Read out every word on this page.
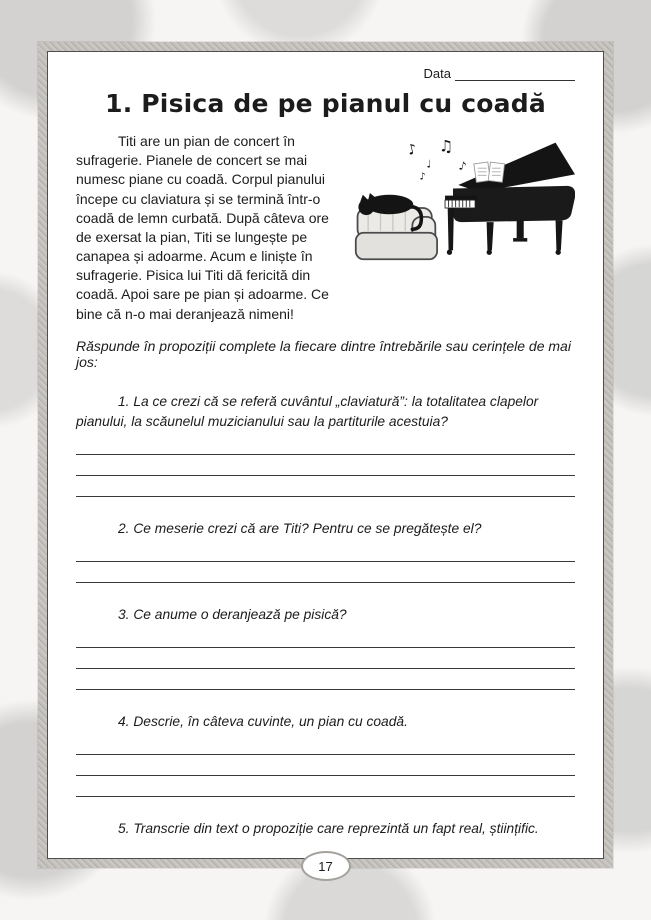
Data
1. Pisica de pe pianul cu coadă

Titi are un pian de concert în sufragerie. Pianele de concert se mai numesc piane cu coadă. Corpul pianului începe cu claviatura și se termină într-o coadă de lemn curbată. După câteva ore de exersat la pian, Titi se lungește pe canapea și adoarme. Acum e liniște în sufragerie. Pisica lui Titi dă fericită din coadă. Apoi sare pe pian și adoarme. Ce bine că n-o mai deranjează nimeni!

♪
♩
♫
♪
♪

Răspunde în propoziții complete la fiecare dintre întrebările sau cerințele de mai jos:

1. La ce crezi că se referă cuvântul „claviatură”: la totalitatea clapelor pianului, la scăunelul muzicianului sau la partiturile acestuia?

2. Ce meserie crezi că are Titi? Pentru ce se pregătește el?

3. Ce anume o deranjează pe pisică?

4. Descrie, în câteva cuvinte, un pian cu coadă.

5. Transcrie din text o propoziție care reprezintă un fapt real, științific.

17
